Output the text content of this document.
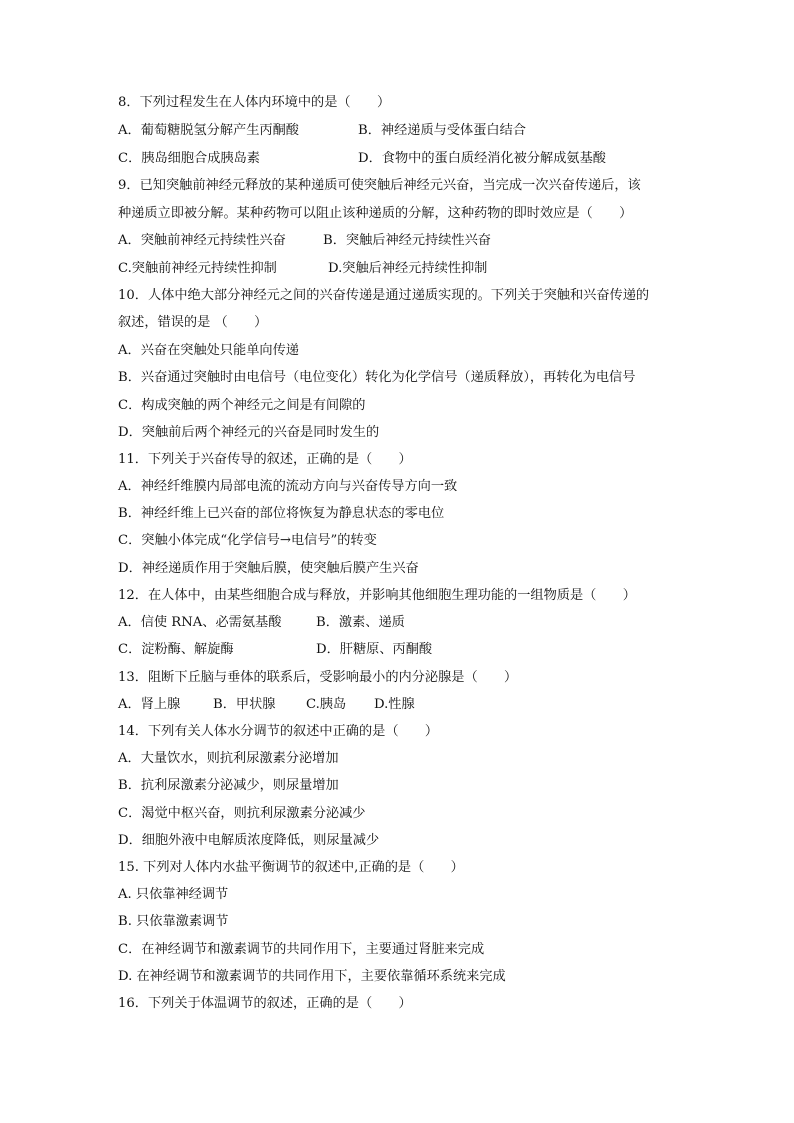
8．下列过程发生在人体内环境中的是（　　）
A．葡萄糖脱氢分解产生丙酮酸	B．神经递质与受体蛋白结合
C．胰岛细胞合成胰岛素	D．食物中的蛋白质经消化被分解成氨基酸
9．已知突触前神经元释放的某种递质可使突触后神经元兴奋，当完成一次兴奋传递后，该
种递质立即被分解。某种药物可以阻止该种递质的分解，这种药物的即时效应是（　　）
A．突触前神经元持续性兴奋	B．突触后神经元持续性兴奋
C.突触前神经元持续性抑制	D.突触后神经元持续性抑制
10．人体中绝大部分神经元之间的兴奋传递是通过递质实现的。下列关于突触和兴奋传递的
叙述，错误的是 （　　）
A．兴奋在突触处只能单向传递
B．兴奋通过突触时由电信号（电位变化）转化为化学信号（递质释放），再转化为电信号
C．构成突触的两个神经元之间是有间隙的
D．突触前后两个神经元的兴奋是同时发生的
11．下列关于兴奋传导的叙述，正确的是（　　）
A．神经纤维膜内局部电流的流动方向与兴奋传导方向一致
B．神经纤维上已兴奋的部位将恢复为静息状态的零电位
C．突触小体完成“化学信号→电信号”的转变
D．神经递质作用于突触后膜，使突触后膜产生兴奋
12．在人体中，由某些细胞合成与释放，并影响其他细胞生理功能的一组物质是（　　）
A．信使 RNA、必需氨基酸	B．激素、递质
C．淀粉酶、解旋酶	D．肝糖原、丙酮酸
13．阻断下丘脑与垂体的联系后，受影响最小的内分泌腺是（　　）
A．肾上腺 B．甲状腺 C.胰岛 D.性腺
14．下列有关人体水分调节的叙述中正确的是（　　）
A．大量饮水，则抗利尿激素分泌增加
B．抗利尿激素分泌减少，则尿量增加
C．渴觉中枢兴奋，则抗利尿激素分泌减少
D．细胞外液中电解质浓度降低，则尿量减少
15. 下列对人体内水盐平衡调节的叙述中,正确的是（　　）
A. 只依靠神经调节
B. 只依靠激素调节
C．在神经调节和激素调节的共同作用下，主要通过肾脏来完成
D. 在神经调节和激素调节的共同作用下，主要依靠循环系统来完成
16．下列关于体温调节的叙述，正确的是（　　）
